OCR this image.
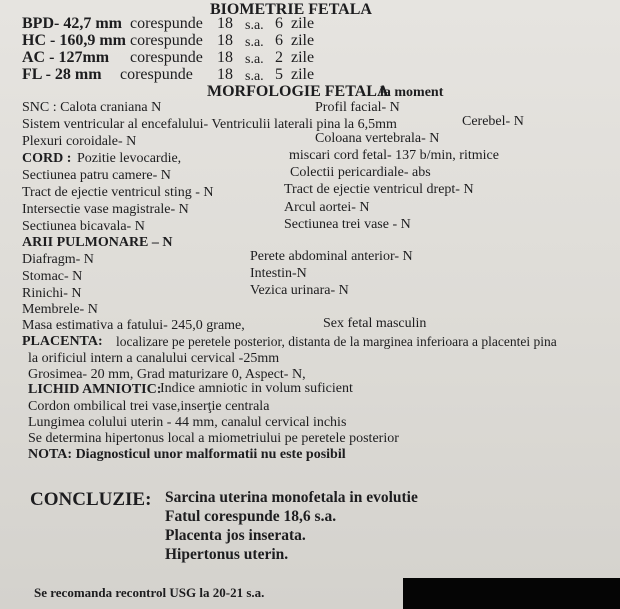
BIOMETRIE FETALA
BPD- 42,7 mm corespunde 18 s.a. 6 zile
HC - 160,9 mm corespunde 18 s.a. 6 zile
AC - 127mm corespunde 18 s.a. 2 zile
FL - 28 mm corespunde 18 s.a. 5 zile
MORFOLOGIE FETALA
la moment
SNC : Calota craniana N	Profil facial- N
Sistem ventricular al encefalului- Ventriculii laterali pina la 6,5mm	Cerebel- N
Plexuri coroidale- N	Coloana vertebrala- N
CORD : Pozitie levocardie,	miscari cord fetal- 137 b/min, ritmice
Sectiunea patru camere- N	Colectii pericardiale- abs
Tract de ejectie ventricul sting - N	Tract de ejectie ventricul drept- N
Intersectie vase magistrale- N	Arcul aortei- N
Sectiunea bicavala- N	Sectiunea trei vase - N
ARII PULMONARE – N
Diafragm- N	Perete abdominal anterior- N
Stomac- N	Intestin-N
Rinichi- N	Vezica urinara- N
Membrele- N
Masa estimativa a fatului- 245,0 grame,	Sex fetal masculin
PLACENTA: localizare pe peretele posterior, distanta de la marginea inferioara a placentei pina
la orificiul intern a canalului cervical -25mm
Grosimea- 20 mm, Grad maturizare 0, Aspect- N,
LICHID AMNIOTIC:
Indice amniotic in volum suficient
Cordon ombilical trei vase,inserţie centrala
Lungimea colului uterin - 44 mm, canalul cervical inchis
Se determina hipertonus local a miometriului pe peretele posterior
NOTA: Diagnosticul unor malformatii nu este posibil
CONCLUZIE: Sarcina uterina monofetala in evolutie
Fatul corespunde 18,6 s.a.
Placenta jos inserata.
Hipertonus uterin.
Se recomanda recontrol USG la 20-21 s.a.
